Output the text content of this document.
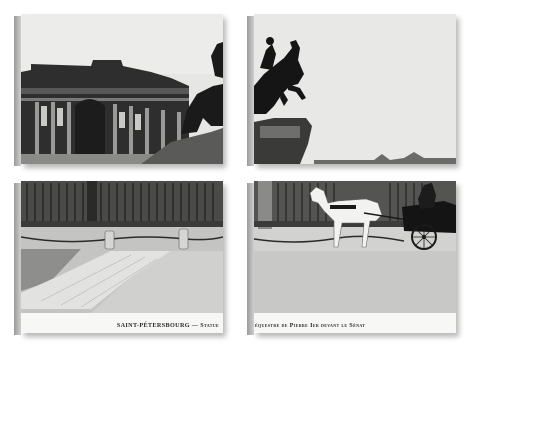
SAINT-PÉTERSBOURG — Statue	équestre de Pierre Ier devant le Sénat
